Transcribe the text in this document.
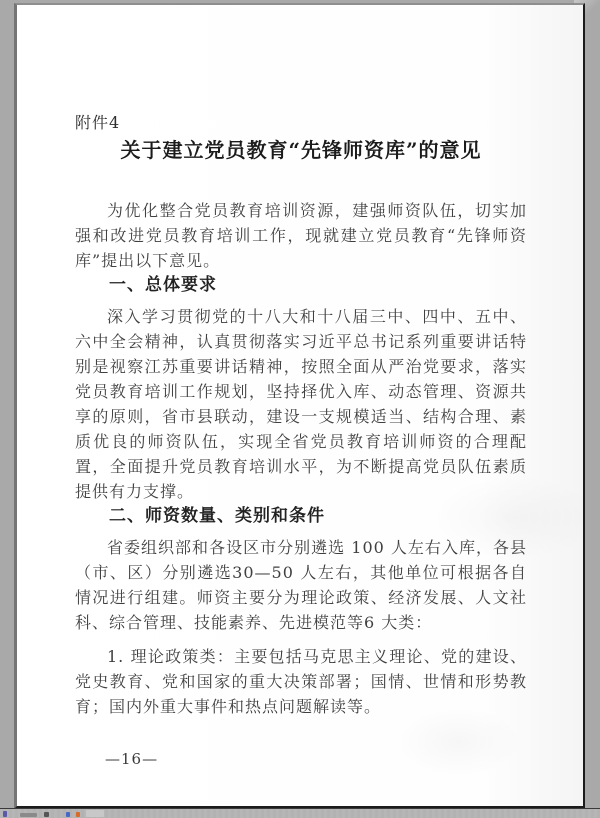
附件4
关于建立党员教育“先锋师资库”的意见

为优化整合党员教育培训资源，建强师资队伍，切实加强和改进党员教育培训工作，现就建立党员教育“先锋师资库”提出以下意见。

一、总体要求

深入学习贯彻党的十八大和十八届三中、四中、五中、六中全会精神，认真贯彻落实习近平总书记系列重要讲话特别是视察江苏重要讲话精神，按照全面从严治党要求，落实党员教育培训工作规划，坚持择优入库、动态管理、资源共享的原则，省市县联动，建设一支规模适当、结构合理、素质优良的师资队伍，实现全省党员教育培训师资的合理配置，全面提升党员教育培训水平，为不断提高党员队伍素质提供有力支撑。

二、师资数量、类别和条件

省委组织部和各设区市分别遴选 100 人左右入库，各县（市、区）分别遴选30—50 人左右，其他单位可根据各自情况进行组建。师资主要分为理论政策、经济发展、人文社科、综合管理、技能素养、先进模范等6 大类：

1. 理论政策类：主要包括马克思主义理论、党的建设、党史教育、党和国家的重大决策部署；国情、世情和形势教育；国内外重大事件和热点问题解读等。

—16—
